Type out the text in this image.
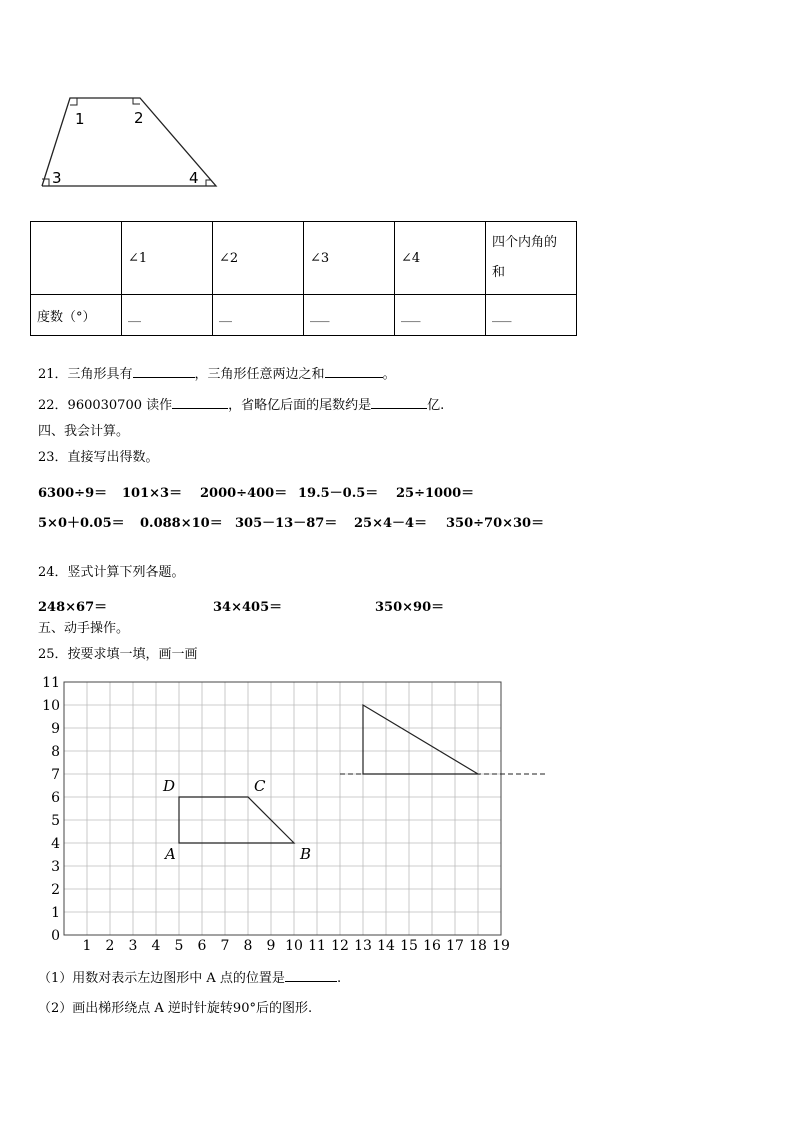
1	2
3	4
	∠1	∠2	∠3	∠4	四个内角的
和
度数（°）	__	__	___	___	___
21．三角形具有	，三角形任意两边之和	。
22．960030700 读作	，省略亿后面的尾数约是	亿.
四、我会计算。
23．直接写出得数。
6300÷9＝ 101×3＝ 2000÷400＝ 19.5－0.5＝ 25÷1000＝
5×0＋0.05＝ 0.088×10＝ 305－13－87＝ 25×4－4＝ 350÷70×30＝
24．竖式计算下列各题。
248×67＝	34×405＝	350×90＝
五、动手操作。
25．按要求填一填，画一画
1 2 3 4 5 6 7 8 9 10 11 12 13 14 15 16 17 18 19
0
1
2
3
4
5
6
7
8
9
10
11
A	B
C
D
（1）用数对表示左边图形中 A 点的位置是	.
（2）画出梯形绕点 A 逆时针旋转90°后的图形.
